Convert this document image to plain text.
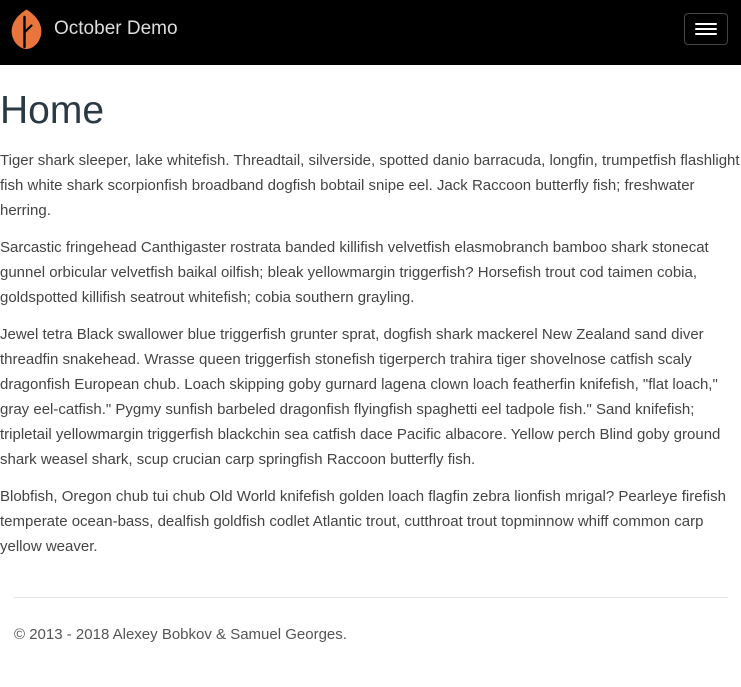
October Demo
Home

Tiger shark sleeper, lake whitefish. Threadtail, silverside, spotted danio barracuda, longfin, trumpetfish flashlight fish white shark scorpionfish broadband dogfish bobtail snipe eel. Jack Raccoon butterfly fish; freshwater herring.

Sarcastic fringehead Canthigaster rostrata banded killifish velvetfish elasmobranch bamboo shark stonecat gunnel orbicular velvetfish baikal oilfish; bleak yellowmargin triggerfish? Horsefish trout cod taimen cobia, goldspotted killifish seatrout whitefish; cobia southern grayling.

Jewel tetra Black swallower blue triggerfish grunter sprat, dogfish shark mackerel New Zealand sand diver threadfin snakehead. Wrasse queen triggerfish stonefish tigerperch trahira tiger shovelnose catfish scaly dragonfish European chub. Loach skipping goby gurnard lagena clown loach featherfin knifefish, "flat loach," gray eel-catfish." Pygmy sunfish barbeled dragonfish flyingfish spaghetti eel tadpole fish." Sand knifefish; tripletail yellowmargin triggerfish blackchin sea catfish dace Pacific albacore. Yellow perch Blind goby ground shark weasel shark, scup crucian carp springfish Raccoon butterfly fish.

Blobfish, Oregon chub tui chub Old World knifefish golden loach flagfin zebra lionfish mrigal? Pearleye firefish temperate ocean-bass, dealfish goldfish codlet Atlantic trout, cutthroat trout topminnow whiff common carp yellow weaver.

© 2013 - 2018 Alexey Bobkov & Samuel Georges.
